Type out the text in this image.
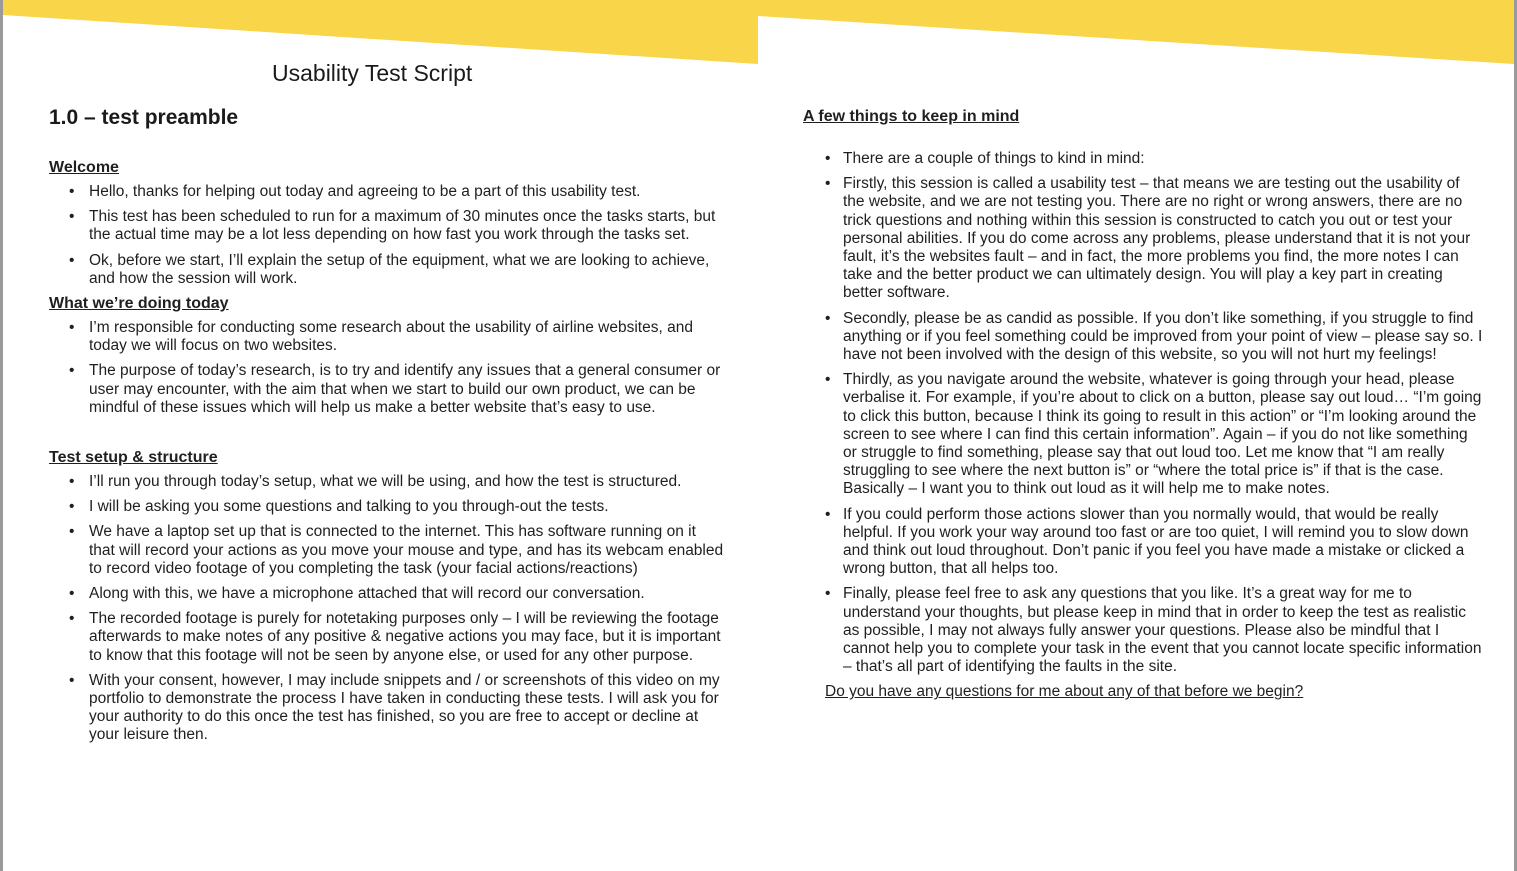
Usability Test Script
1.0 – test preamble

Welcome

• Hello, thanks for helping out today and agreeing to be a part of this usability test.
• This test has been scheduled to run for a maximum of 30 minutes once the tasks starts, but the actual time may be a lot less depending on how fast you work through the tasks set.
• Ok, before we start, I’ll explain the setup of the equipment, what we are looking to achieve, and how the session will work.

What we’re doing today

• I’m responsible for conducting some research about the usability of airline websites, and today we will focus on two websites.
• The purpose of today’s research, is to try and identify any issues that a general consumer or user may encounter, with the aim that when we start to build our own product, we can be mindful of these issues which will help us make a better website that’s easy to use.

Test setup & structure

• I’ll run you through today’s setup, what we will be using, and how the test is structured.
• I will be asking you some questions and talking to you through-out the tests.
• We have a laptop set up that is connected to the internet. This has software running on it that will record your actions as you move your mouse and type, and has its webcam enabled to record video footage of you completing the task (your facial actions/reactions)
• Along with this, we have a microphone attached that will record our conversation.
• The recorded footage is purely for notetaking purposes only – I will be reviewing the footage afterwards to make notes of any positive & negative actions you may face, but it is important to know that this footage will not be seen by anyone else, or used for any other purpose.
• With your consent, however, I may include snippets and / or screenshots of this video on my portfolio to demonstrate the process I have taken in conducting these tests. I will ask you for your authority to do this once the test has finished, so you are free to accept or decline at your leisure then.

A few things to keep in mind

• There are a couple of things to kind in mind:
• Firstly, this session is called a usability test – that means we are testing out the usability of the website, and we are not testing you. There are no right or wrong answers, there are no trick questions and nothing within this session is constructed to catch you out or test your personal abilities. If you do come across any problems, please understand that it is not your fault, it’s the websites fault – and in fact, the more problems you find, the more notes I can take and the better product we can ultimately design. You will play a key part in creating better software.
• Secondly, please be as candid as possible. If you don’t like something, if you struggle to find anything or if you feel something could be improved from your point of view – please say so. I have not been involved with the design of this website, so you will not hurt my feelings!
• Thirdly, as you navigate around the website, whatever is going through your head, please verbalise it. For example, if you’re about to click on a button, please say out loud… “I’m going to click this button, because I think its going to result in this action” or “I’m looking around the screen to see where I can find this certain information”. Again – if you do not like something or struggle to find something, please say that out loud too. Let me know that “I am really struggling to see where the next button is” or “where the total price is” if that is the case. Basically – I want you to think out loud as it will help me to make notes.
• If you could perform those actions slower than you normally would, that would be really helpful. If you work your way around too fast or are too quiet, I will remind you to slow down and think out loud throughout. Don’t panic if you feel you have made a mistake or clicked a wrong button, that all helps too.
• Finally, please feel free to ask any questions that you like. It’s a great way for me to understand your thoughts, but please keep in mind that in order to keep the test as realistic as possible, I may not always fully answer your questions. Please also be mindful that I cannot help you to complete your task in the event that you cannot locate specific information – that’s all part of identifying the faults in the site.
Do you have any questions for me about any of that before we begin?
